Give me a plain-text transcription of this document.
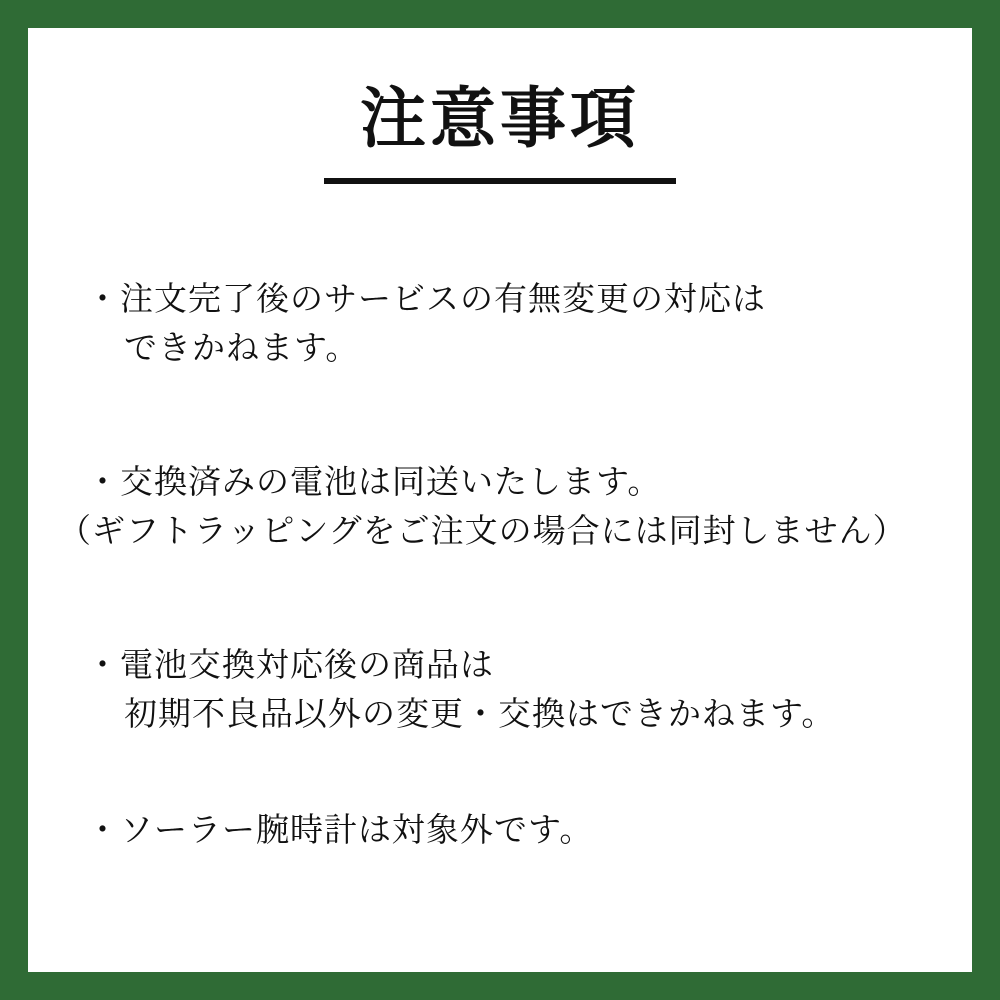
注意事項
・注文完了後のサービスの有無変更の対応は
できかねます。
・交換済みの電池は同送いたします。
（ギフトラッピングをご注文の場合には同封しません）
・電池交換対応後の商品は
初期不良品以外の変更・交換はできかねます。
・ソーラー腕時計は対象外です。
